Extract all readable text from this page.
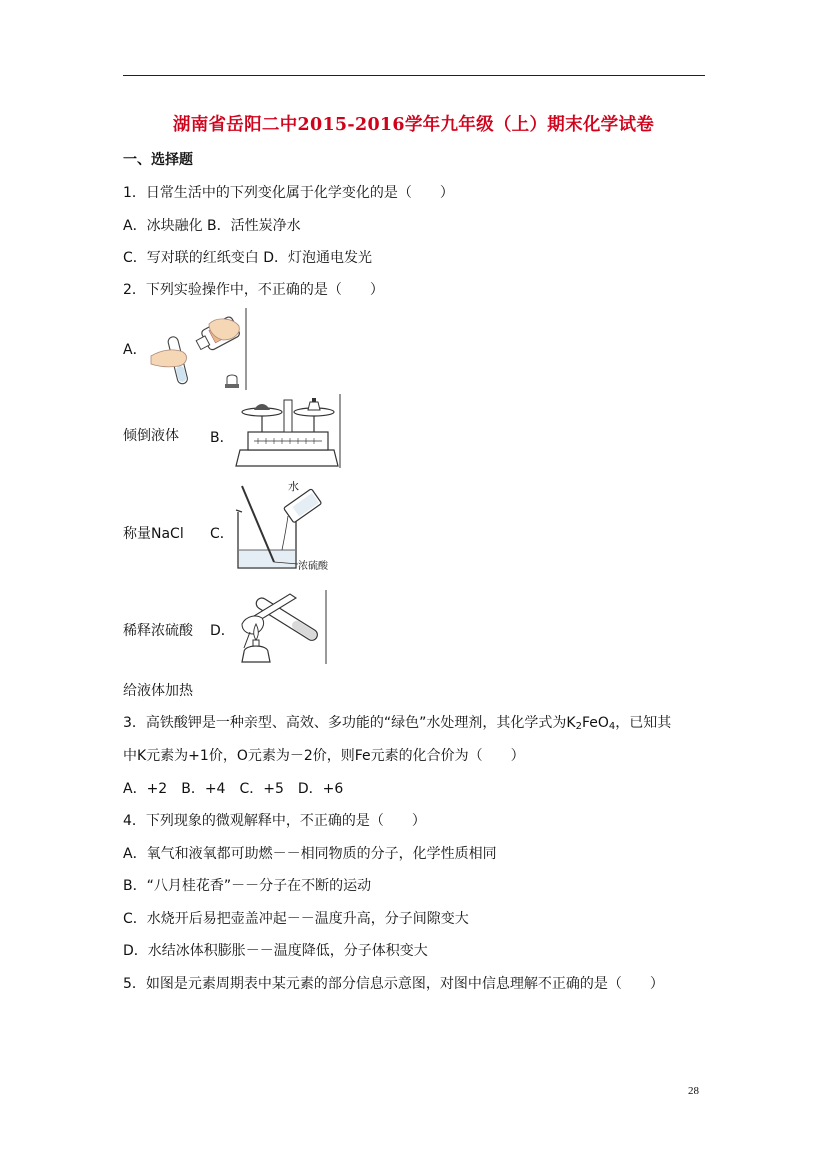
湖南省岳阳二中2015-2016学年九年级（上）期末化学试卷
一、选择题
1．日常生活中的下列变化属于化学变化的是（　　）
A．冰块融化 B．活性炭净水
C．写对联的红纸变白 D．灯泡通电发光
2．下列实验操作中，不正确的是（　　）
A．
倾倒液体 B．
称量NaCl C．
水
浓硫酸
稀释浓硫酸 D．
给液体加热
3．高铁酸钾是一种亲型、高效、多功能的“绿色”水处理剂，其化学式为$K_2FeO_4$，已知其
中K元素为+1价，O元素为－2价，则Fe元素的化合价为（　　）
A．+2　B．+4　C．+5　D．+6
4．下列现象的微观解释中，不正确的是（　　）
A．氧气和液氧都可助燃－－相同物质的分子，化学性质相同
B．“八月桂花香”－－分子在不断的运动
C．水烧开后易把壶盖冲起－－温度升高，分子间隙变大
D．水结冰体积膨胀－－温度降低，分子体积变大
5．如图是元素周期表中某元素的部分信息示意图，对图中信息理解不正确的是（　　）
28
